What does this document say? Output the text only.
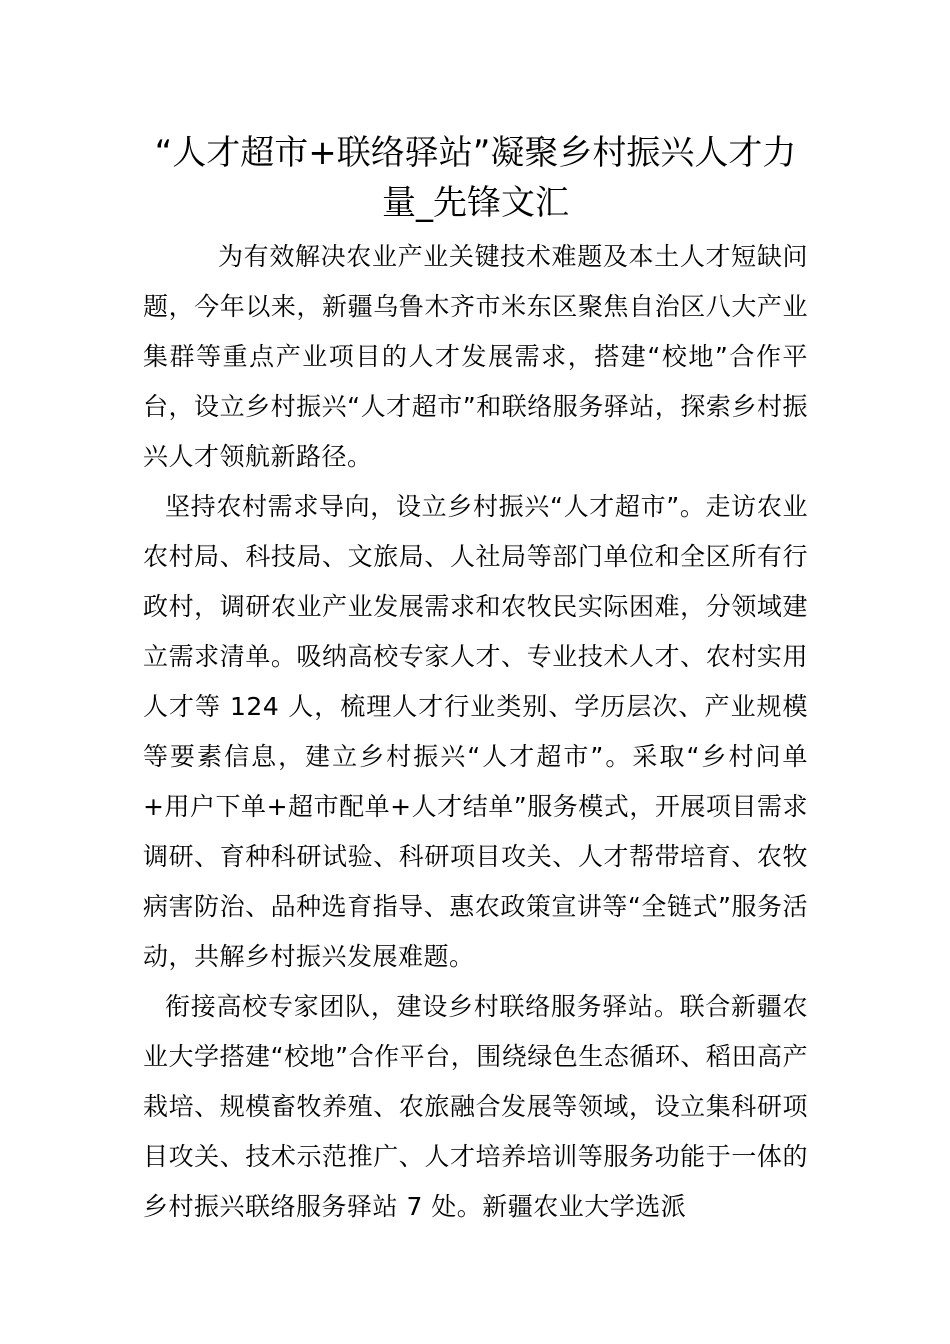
“人才超市+联络驿站”凝聚乡村振兴人才力量_先锋文汇

为有效解决农业产业关键技术难题及本土人才短缺问题，今年以来，新疆乌鲁木齐市米东区聚焦自治区八大产业集群等重点产业项目的人才发展需求，搭建“校地”合作平台，设立乡村振兴“人才超市”和联络服务驿站，探索乡村振兴人才领航新路径。

坚持农村需求导向，设立乡村振兴“人才超市”。走访农业农村局、科技局、文旅局、人社局等部门单位和全区所有行政村，调研农业产业发展需求和农牧民实际困难，分领域建立需求清单。吸纳高校专家人才、专业技术人才、农村实用人才等 124 人，梳理人才行业类别、学历层次、产业规模等要素信息，建立乡村振兴“人才超市”。采取“乡村问单+用户下单+超市配单+人才结单”服务模式，开展项目需求调研、育种科研试验、科研项目攻关、人才帮带培育、农牧病害防治、品种选育指导、惠农政策宣讲等“全链式”服务活动，共解乡村振兴发展难题。

衔接高校专家团队，建设乡村联络服务驿站。联合新疆农业大学搭建“校地”合作平台，围绕绿色生态循环、稻田高产栽培、规模畜牧养殖、农旅融合发展等领域，设立集科研项目攻关、技术示范推广、人才培养培训等服务功能于一体的乡村振兴联络服务驿站 7 处。新疆农业大学选派
